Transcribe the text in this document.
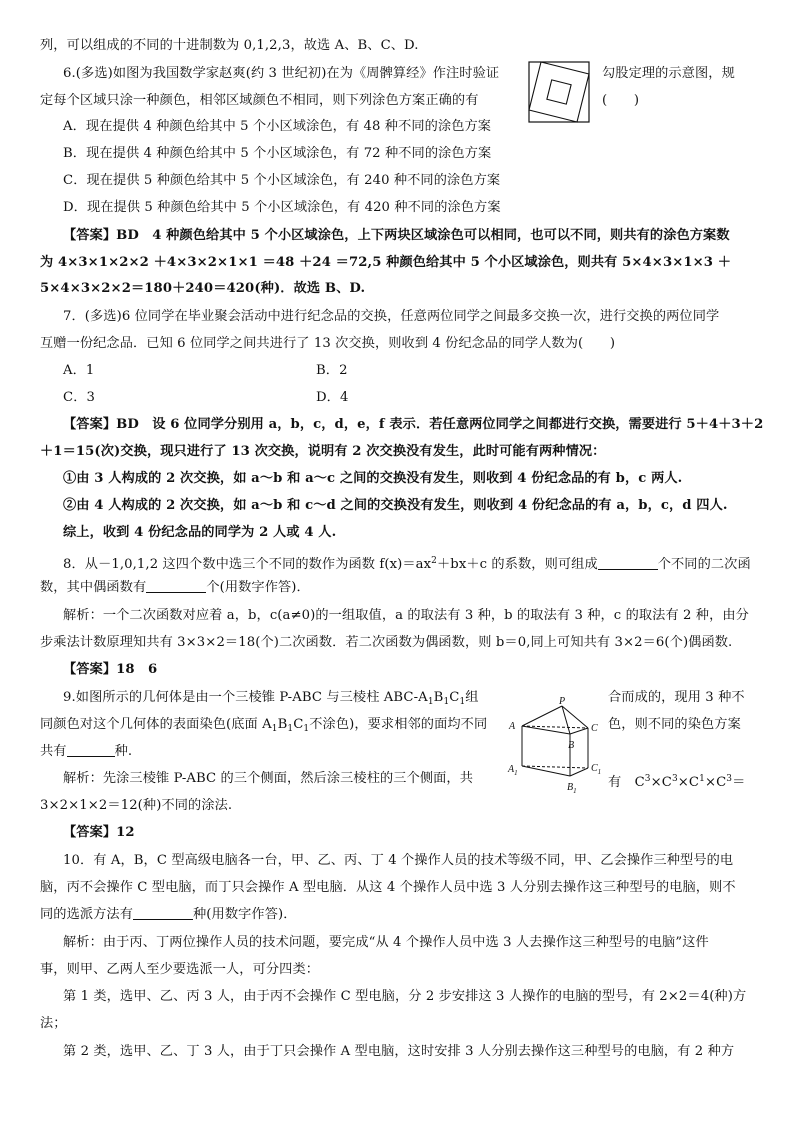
列，可以组成的不同的十进制数为 0,1,2,3，故选 A、B、C、D.
6.(多选)如图为我国数学家赵爽(约 3 世纪初)在为《周髀算经》作注时验证	勾股定理的示意图，规
定每个区域只涂一种颜色，相邻区域颜色不相同，则下列涂色方案正确的有	(　　)
A．现在提供 4 种颜色给其中 5 个小区域涂色，有 48 种不同的涂色方案
B．现在提供 4 种颜色给其中 5 个小区域涂色，有 72 种不同的涂色方案
C．现在提供 5 种颜色给其中 5 个小区域涂色，有 240 种不同的涂色方案
D．现在提供 5 种颜色给其中 5 个小区域涂色，有 420 种不同的涂色方案
【答案】BD　4 种颜色给其中 5 个小区域涂色，上下两块区域涂色可以相同，也可以不同，则共有的涂色方案数
为 4×3×1×2×2 ＋4×3×2×1×1 ＝48 ＋24 ＝72,5 种颜色给其中 5 个小区域涂色，则共有 5×4×3×1×3 ＋
5×4×3×2×2＝180＋240＝420(种)．故选 B、D.
7．(多选)6 位同学在毕业聚会活动中进行纪念品的交换，任意两位同学之间最多交换一次，进行交换的两位同学
互赠一份纪念品．已知 6 位同学之间共进行了 13 次交换，则收到 4 份纪念品的同学人数为(　　)
A．1	B．2
C．3	D．4
【答案】BD　设 6 位同学分别用 a，b，c，d，e，f 表示．若任意两位同学之间都进行交换，需要进行 5＋4＋3＋2
＋1＝15(次)交换，现只进行了 13 次交换，说明有 2 次交换没有发生，此时可能有两种情况：
①由 3 人构成的 2 次交换，如 a～b 和 a～c 之间的交换没有发生，则收到 4 份纪念品的有 b，c 两人.
②由 4 人构成的 2 次交换，如 a～b 和 c～d 之间的交换没有发生，则收到 4 份纪念品的有 a，b，c，d 四人.
综上，收到 4 份纪念品的同学为 2 人或 4 人.
8．从－1,0,1,2 这四个数中选三个不同的数作为函数 $f(x)=ax^2+bx+c$ 的系数，则可组成	个不同的二次函
数，其中偶函数有	个(用数字作答)．
解析：一个二次函数对应着 a，b，c(a≠0)的一组取值，a 的取法有 3 种，b 的取法有 3 种，c 的取法有 2 种，由分
步乘法计数原理知共有 3×3×2＝18(个)二次函数．若二次函数为偶函数，则 b＝0,同上可知共有 3×2＝6(个)偶函数.
【答案】18　6
9.如图所示的几何体是由一个三棱锥 P-ABC 与三棱柱 ABC-$A_1B_1C_1$组	合而成的，现用 3 种不
同颜色对这个几何体的表面染色(底面 $A_1B_1C_1$不涂色)，要求相邻的面均不同	色，则不同的染色方案
共有	种.
解析：先涂三棱锥 P-ABC 的三个侧面，然后涂三棱柱的三个侧面，共	有　$C^3\times C^3\times C^1\times C^3=$
3×2×1×2＝12(种)不同的涂法.
P
A
B
C
$A_1$
$B_1$
$C_1$
【答案】12
10．有 A，B，C 型高级电脑各一台，甲、乙、丙、丁 4 个操作人员的技术等级不同，甲、乙会操作三种型号的电
脑，丙不会操作 C 型电脑，而丁只会操作 A 型电脑．从这 4 个操作人员中选 3 人分别去操作这三种型号的电脑，则不
同的选派方法有	种(用数字作答)．
解析：由于丙、丁两位操作人员的技术问题，要完成“从 4 个操作人员中选 3 人去操作这三种型号的电脑”这件
事，则甲、乙两人至少要选派一人，可分四类：
第 1 类，选甲、乙、丙 3 人，由于丙不会操作 C 型电脑，分 2 步安排这 3 人操作的电脑的型号，有 2×2＝4(种)方
法；
第 2 类，选甲、乙、丁 3 人，由于丁只会操作 A 型电脑，这时安排 3 人分别去操作这三种型号的电脑，有 2 种方
